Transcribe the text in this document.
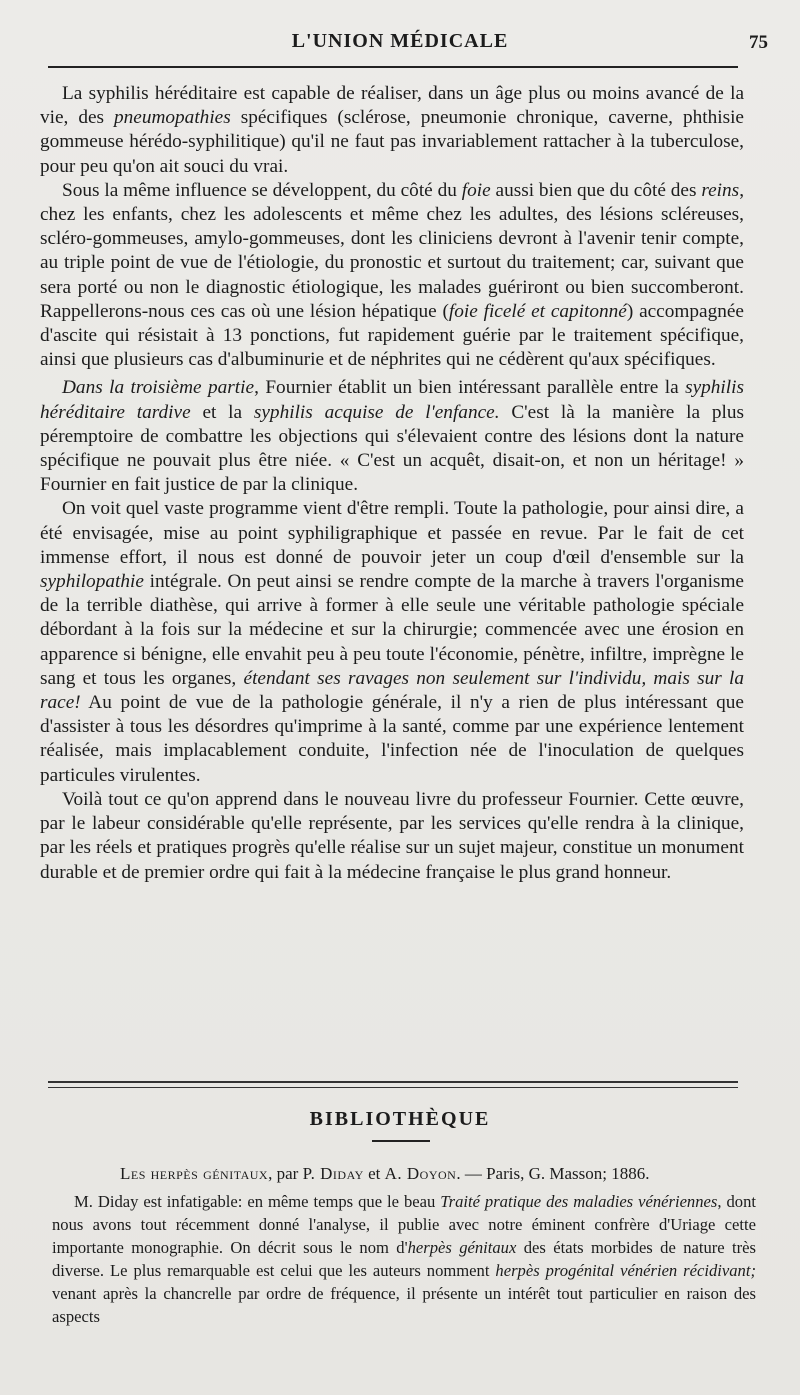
L'UNION MÉDICALE	75

La syphilis héréditaire est capable de réaliser, dans un âge plus ou moins avancé de la vie, des pneumopathies spécifiques (sclérose, pneumonie chronique, caverne, phthisie gommeuse hérédo-syphilitique) qu'il ne faut pas invariablement rattacher à la tuberculose, pour peu qu'on ait souci du vrai.

Sous la même influence se développent, du côté du foie aussi bien que du côté des reins, chez les enfants, chez les adolescents et même chez les adultes, des lésions scléreuses, scléro-gommeuses, amylo-gommeuses, dont les cliniciens devront à l'avenir tenir compte, au triple point de vue de l'étiologie, du pronostic et surtout du traitement; car, suivant que sera porté ou non le diagnostic étiologique, les malades guériront ou bien succomberont. Rappellerons-nous ces cas où une lésion hépatique (foie ficelé et capitonné) accompagnée d'ascite qui résistait à 13 ponctions, fut rapidement guérie par le traitement spécifique, ainsi que plusieurs cas d'albuminurie et de néphrites qui ne cédèrent qu'aux spécifiques.

Dans la troisième partie, Fournier établit un bien intéressant parallèle entre la syphilis héréditaire tardive et la syphilis acquise de l'enfance. C'est là la manière la plus péremptoire de combattre les objections qui s'élevaient contre des lésions dont la nature spécifique ne pouvait plus être niée. « C'est un acquêt, disait-on, et non un héritage! » Fournier en fait justice de par la clinique.

On voit quel vaste programme vient d'être rempli. Toute la pathologie, pour ainsi dire, a été envisagée, mise au point syphiligraphique et passée en revue. Par le fait de cet immense effort, il nous est donné de pouvoir jeter un coup d'œil d'ensemble sur la syphilopathie intégrale. On peut ainsi se rendre compte de la marche à travers l'organisme de la terrible diathèse, qui arrive à former à elle seule une véritable pathologie spéciale débordant à la fois sur la médecine et sur la chirurgie; commencée avec une érosion en apparence si bénigne, elle envahit peu à peu toute l'économie, pénètre, infiltre, imprègne le sang et tous les organes, étendant ses ravages non seulement sur l'individu, mais sur la race! Au point de vue de la pathologie générale, il n'y a rien de plus intéressant que d'assister à tous les désordres qu'imprime à la santé, comme par une expérience lentement réalisée, mais implacablement conduite, l'infection née de l'inoculation de quelques particules virulentes.

Voilà tout ce qu'on apprend dans le nouveau livre du professeur Fournier. Cette œuvre, par le labeur considérable qu'elle représente, par les services qu'elle rendra à la clinique, par les réels et pratiques progrès qu'elle réalise sur un sujet majeur, constitue un monument durable et de premier ordre qui fait à la médecine française le plus grand honneur.

BIBLIOTHÈQUE
Les herpès génitaux, par P. Diday et A. Doyon. — Paris, G. Masson; 1886.

M. Diday est infatigable: en même temps que le beau Traité pratique des maladies vénériennes, dont nous avons tout récemment donné l'analyse, il publie avec notre éminent confrère d'Uriage cette importante monographie. On décrit sous le nom d'herpès génitaux des états morbides de nature très diverse. Le plus remarquable est celui que les auteurs nomment herpès progénital vénérien récidivant; venant après la chancrelle par ordre de fréquence, il présente un intérêt tout particulier en raison des aspects
